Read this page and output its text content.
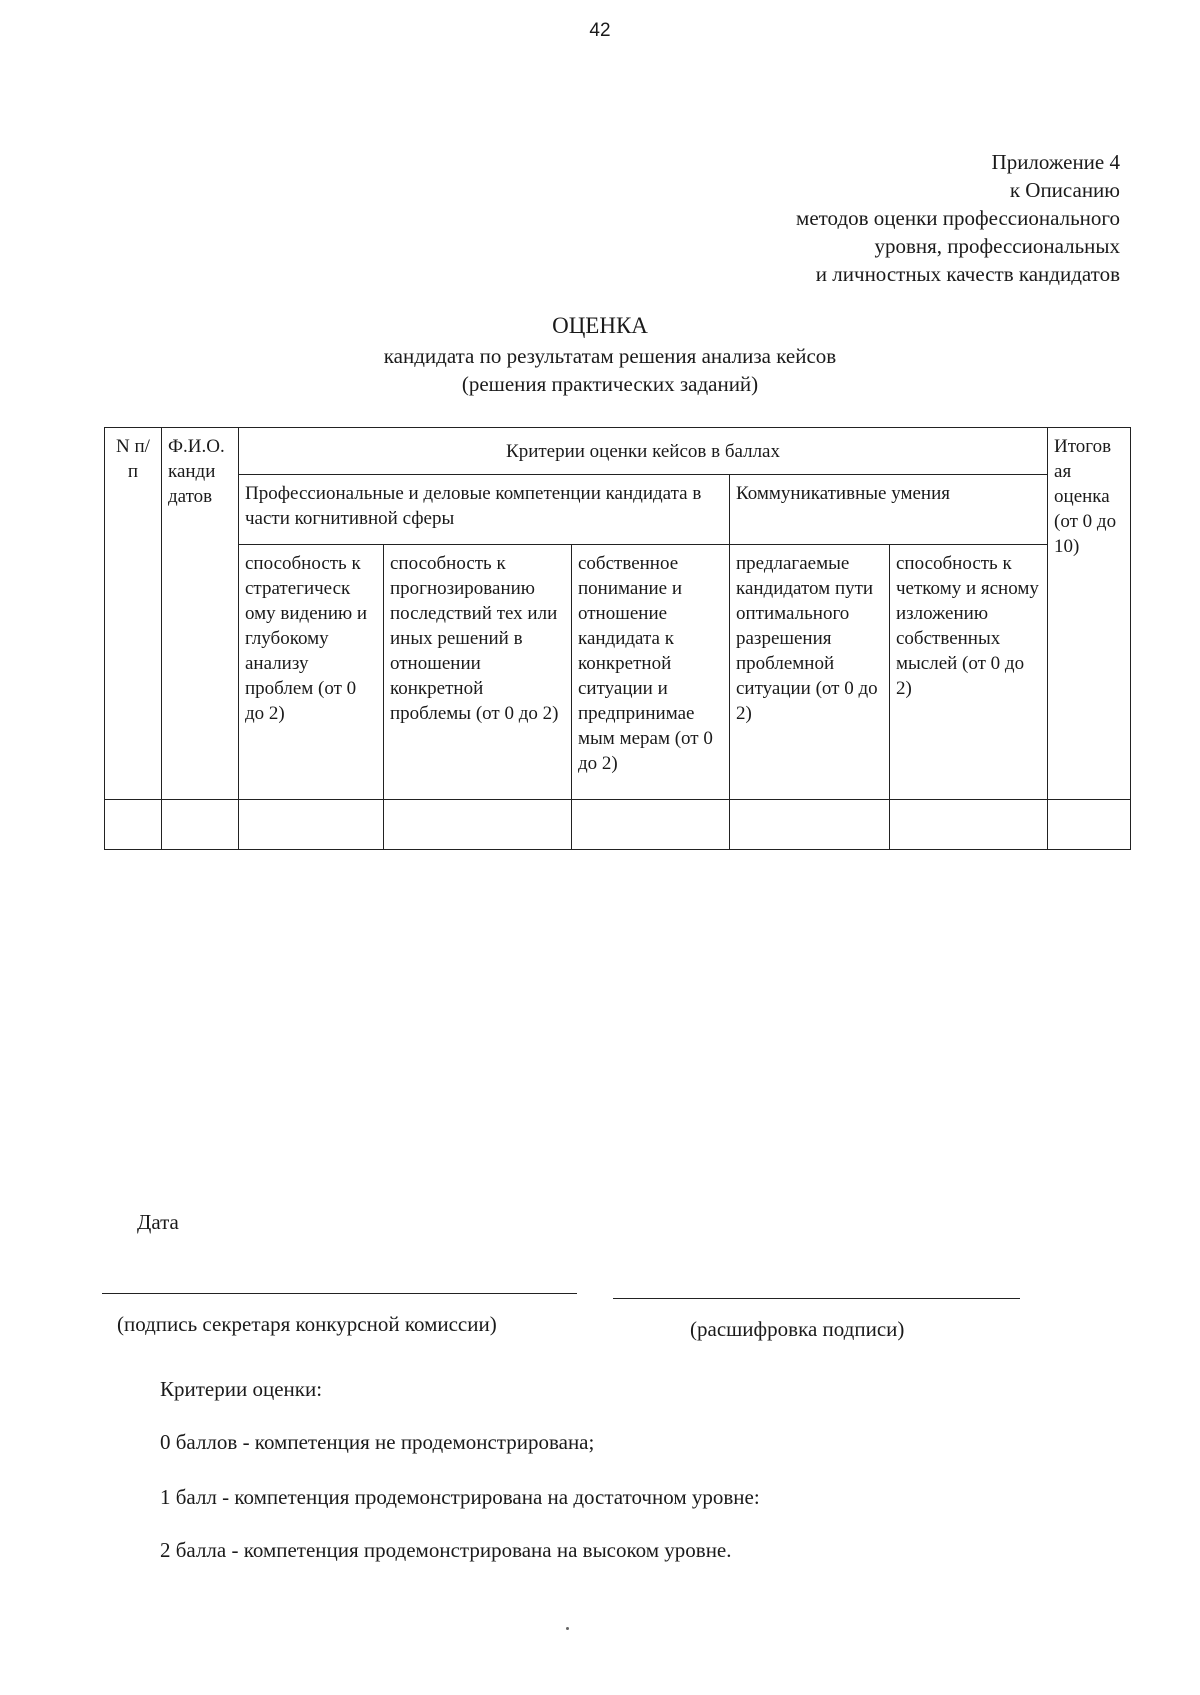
42
Приложение 4
к Описанию
методов оценки профессионального
уровня, профессиональных
и личностных качеств кандидатов
ОЦЕНКА
кандидата по результатам решения анализа кейсов
(решения практических заданий)
N п/п	Ф.И.О. канди датов	Критерии оценки кейсов в баллах					Итогов ая оценка (от 0 до 10)
		Профессиональные и деловые компетенции кандидата в части когнитивной сферы			Коммуникативные умения		
		способность к стратегическ ому видению и глубокому анализу проблем (от 0 до 2)	способность к прогнозированию последствий тех или иных решений в отношении конкретной проблемы (от 0 до 2)	собственное понимание и отношение кандидата к конкретной ситуации и предпринимае мым мерам (от 0 до 2)	предлагаемые кандидатом пути оптимального разрешения проблемной ситуации (от 0 до 2)	способность к четкому и ясному изложению собственных мыслей (от 0 до 2)	

Дата
(подпись секретаря конкурсной комиссии)	(расшифровка подписи)
Критерии оценки:
0 баллов - компетенция не продемонстрирована;
1 балл - компетенция продемонстрирована на достаточном уровне:
2 балла - компетенция продемонстрирована на высоком уровне.
